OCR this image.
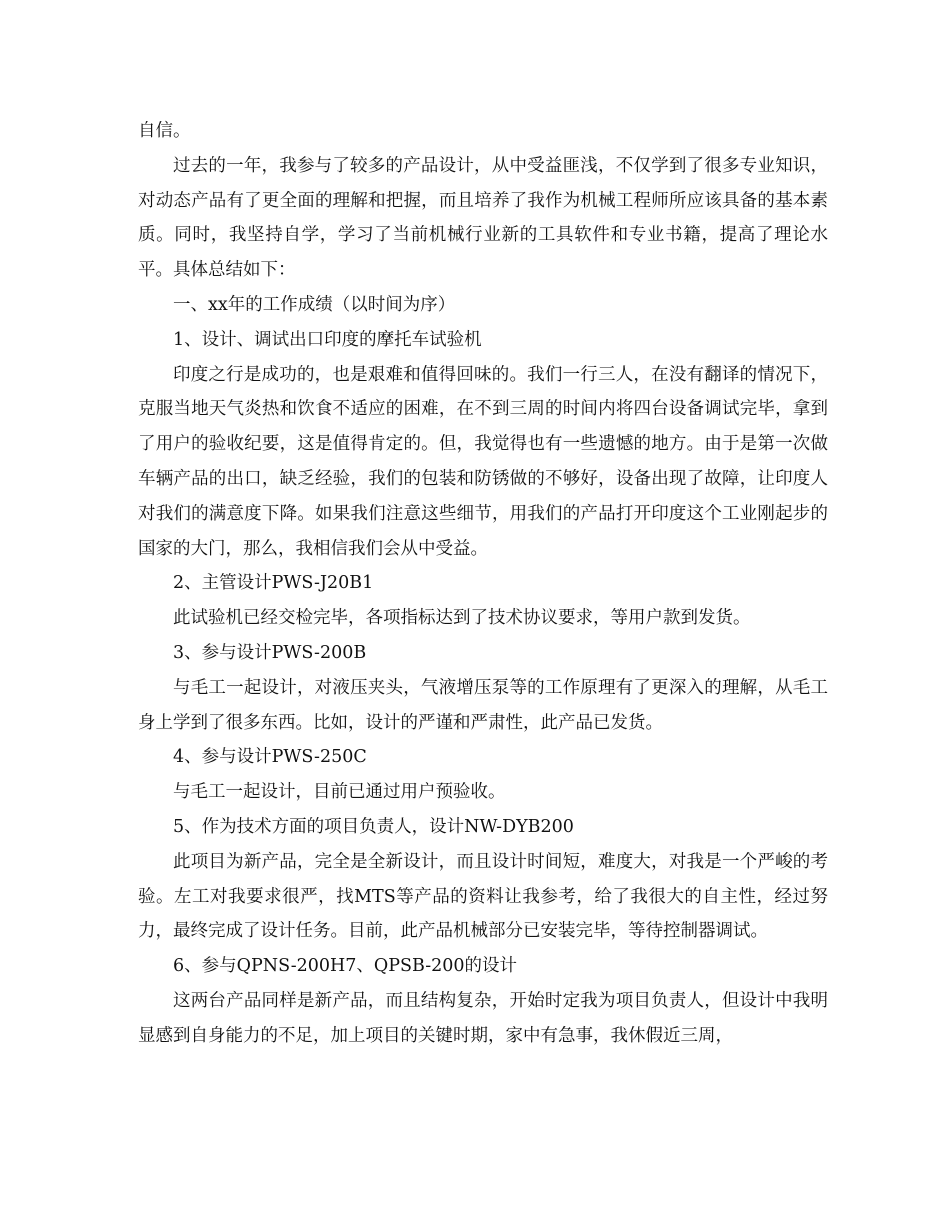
自信。

过去的一年，我参与了较多的产品设计，从中受益匪浅，不仅学到了很多专业知识，对动态产品有了更全面的理解和把握，而且培养了我作为机械工程师所应该具备的基本素质。同时，我坚持自学，学习了当前机械行业新的工具软件和专业书籍，提高了理论水平。具体总结如下：

一、xx年的工作成绩（以时间为序）

1、设计、调试出口印度的摩托车试验机

印度之行是成功的，也是艰难和值得回味的。我们一行三人，在没有翻译的情况下，克服当地天气炎热和饮食不适应的困难，在不到三周的时间内将四台设备调试完毕，拿到了用户的验收纪要，这是值得肯定的。但，我觉得也有一些遗憾的地方。由于是第一次做车辆产品的出口，缺乏经验，我们的包装和防锈做的不够好，设备出现了故障，让印度人对我们的满意度下降。如果我们注意这些细节，用我们的产品打开印度这个工业刚起步的国家的大门，那么，我相信我们会从中受益。

2、主管设计PWS-J20B1

此试验机已经交检完毕，各项指标达到了技术协议要求，等用户款到发货。

3、参与设计PWS-200B

与毛工一起设计，对液压夹头，气液增压泵等的工作原理有了更深入的理解，从毛工身上学到了很多东西。比如，设计的严谨和严肃性，此产品已发货。

4、参与设计PWS-250C

与毛工一起设计，目前已通过用户预验收。

5、作为技术方面的项目负责人，设计NW-DYB200

此项目为新产品，完全是全新设计，而且设计时间短，难度大，对我是一个严峻的考验。左工对我要求很严，找MTS等产品的资料让我参考，给了我很大的自主性，经过努力，最终完成了设计任务。目前，此产品机械部分已安装完毕，等待控制器调试。

6、参与QPNS-200H7、QPSB-200的设计

这两台产品同样是新产品，而且结构复杂，开始时定我为项目负责人，但设计中我明显感到自身能力的不足，加上项目的关键时期，家中有急事，我休假近三周，
